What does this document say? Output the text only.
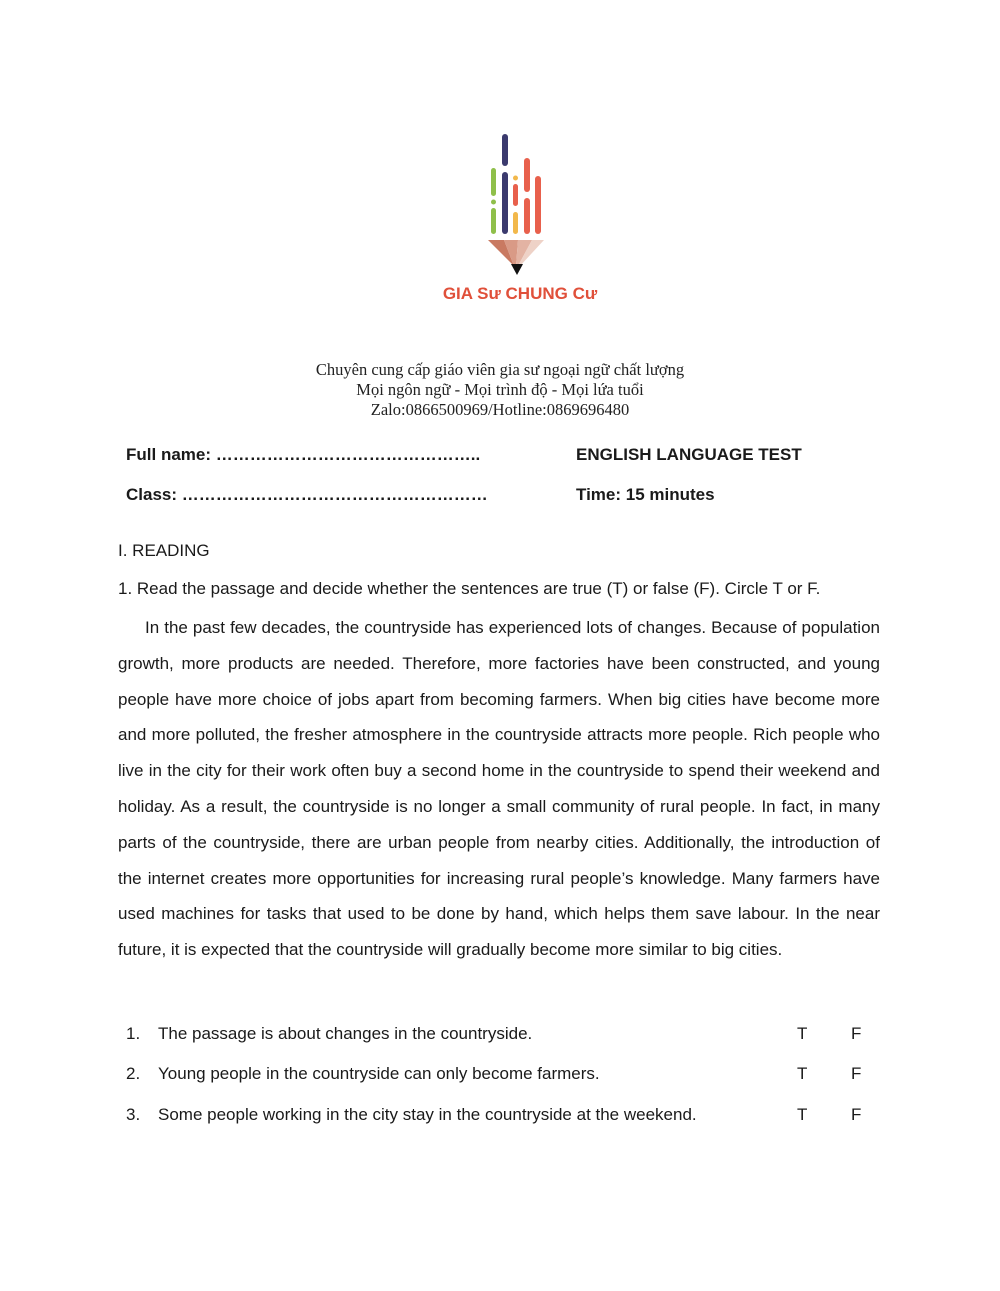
GIA Sư CHUNG Cư
Chuyên cung cấp giáo viên gia sư ngoại ngữ chất lượng
Mọi ngôn ngữ - Mọi trình độ - Mọi lứa tuổi
Zalo:0866500969/Hotline:0869696480
Full name: ………………………………………..
Class: ………………………………………………
ENGLISH LANGUAGE TEST
Time: 15 minutes
I. READING
1. Read the passage and decide whether the sentences are true (T) or false (F). Circle T or F.
In the past few decades, the countryside has experienced lots of changes. Because of population growth, more products are needed. Therefore, more factories have been constructed, and young people have more choice of jobs apart from becoming farmers. When big cities have become more and more polluted, the fresher atmosphere in the countryside attracts more people. Rich people who live in the city for their work often buy a second home in the countryside to spend their weekend and holiday. As a result, the countryside is no longer a small community of rural people. In fact, in many parts of the countryside, there are urban people from nearby cities. Additionally, the introduction of the internet creates more opportunities for increasing rural people’s knowledge. Many farmers have used machines for tasks that used to be done by hand, which helps them save labour. In the near future, it is expected that the countryside will gradually become more similar to big cities.
1. The passage is about changes in the countryside.	T	F
2. Young people in the countryside can only become farmers.	T	F
3. Some people working in the city stay in the countryside at the weekend.	T	F
